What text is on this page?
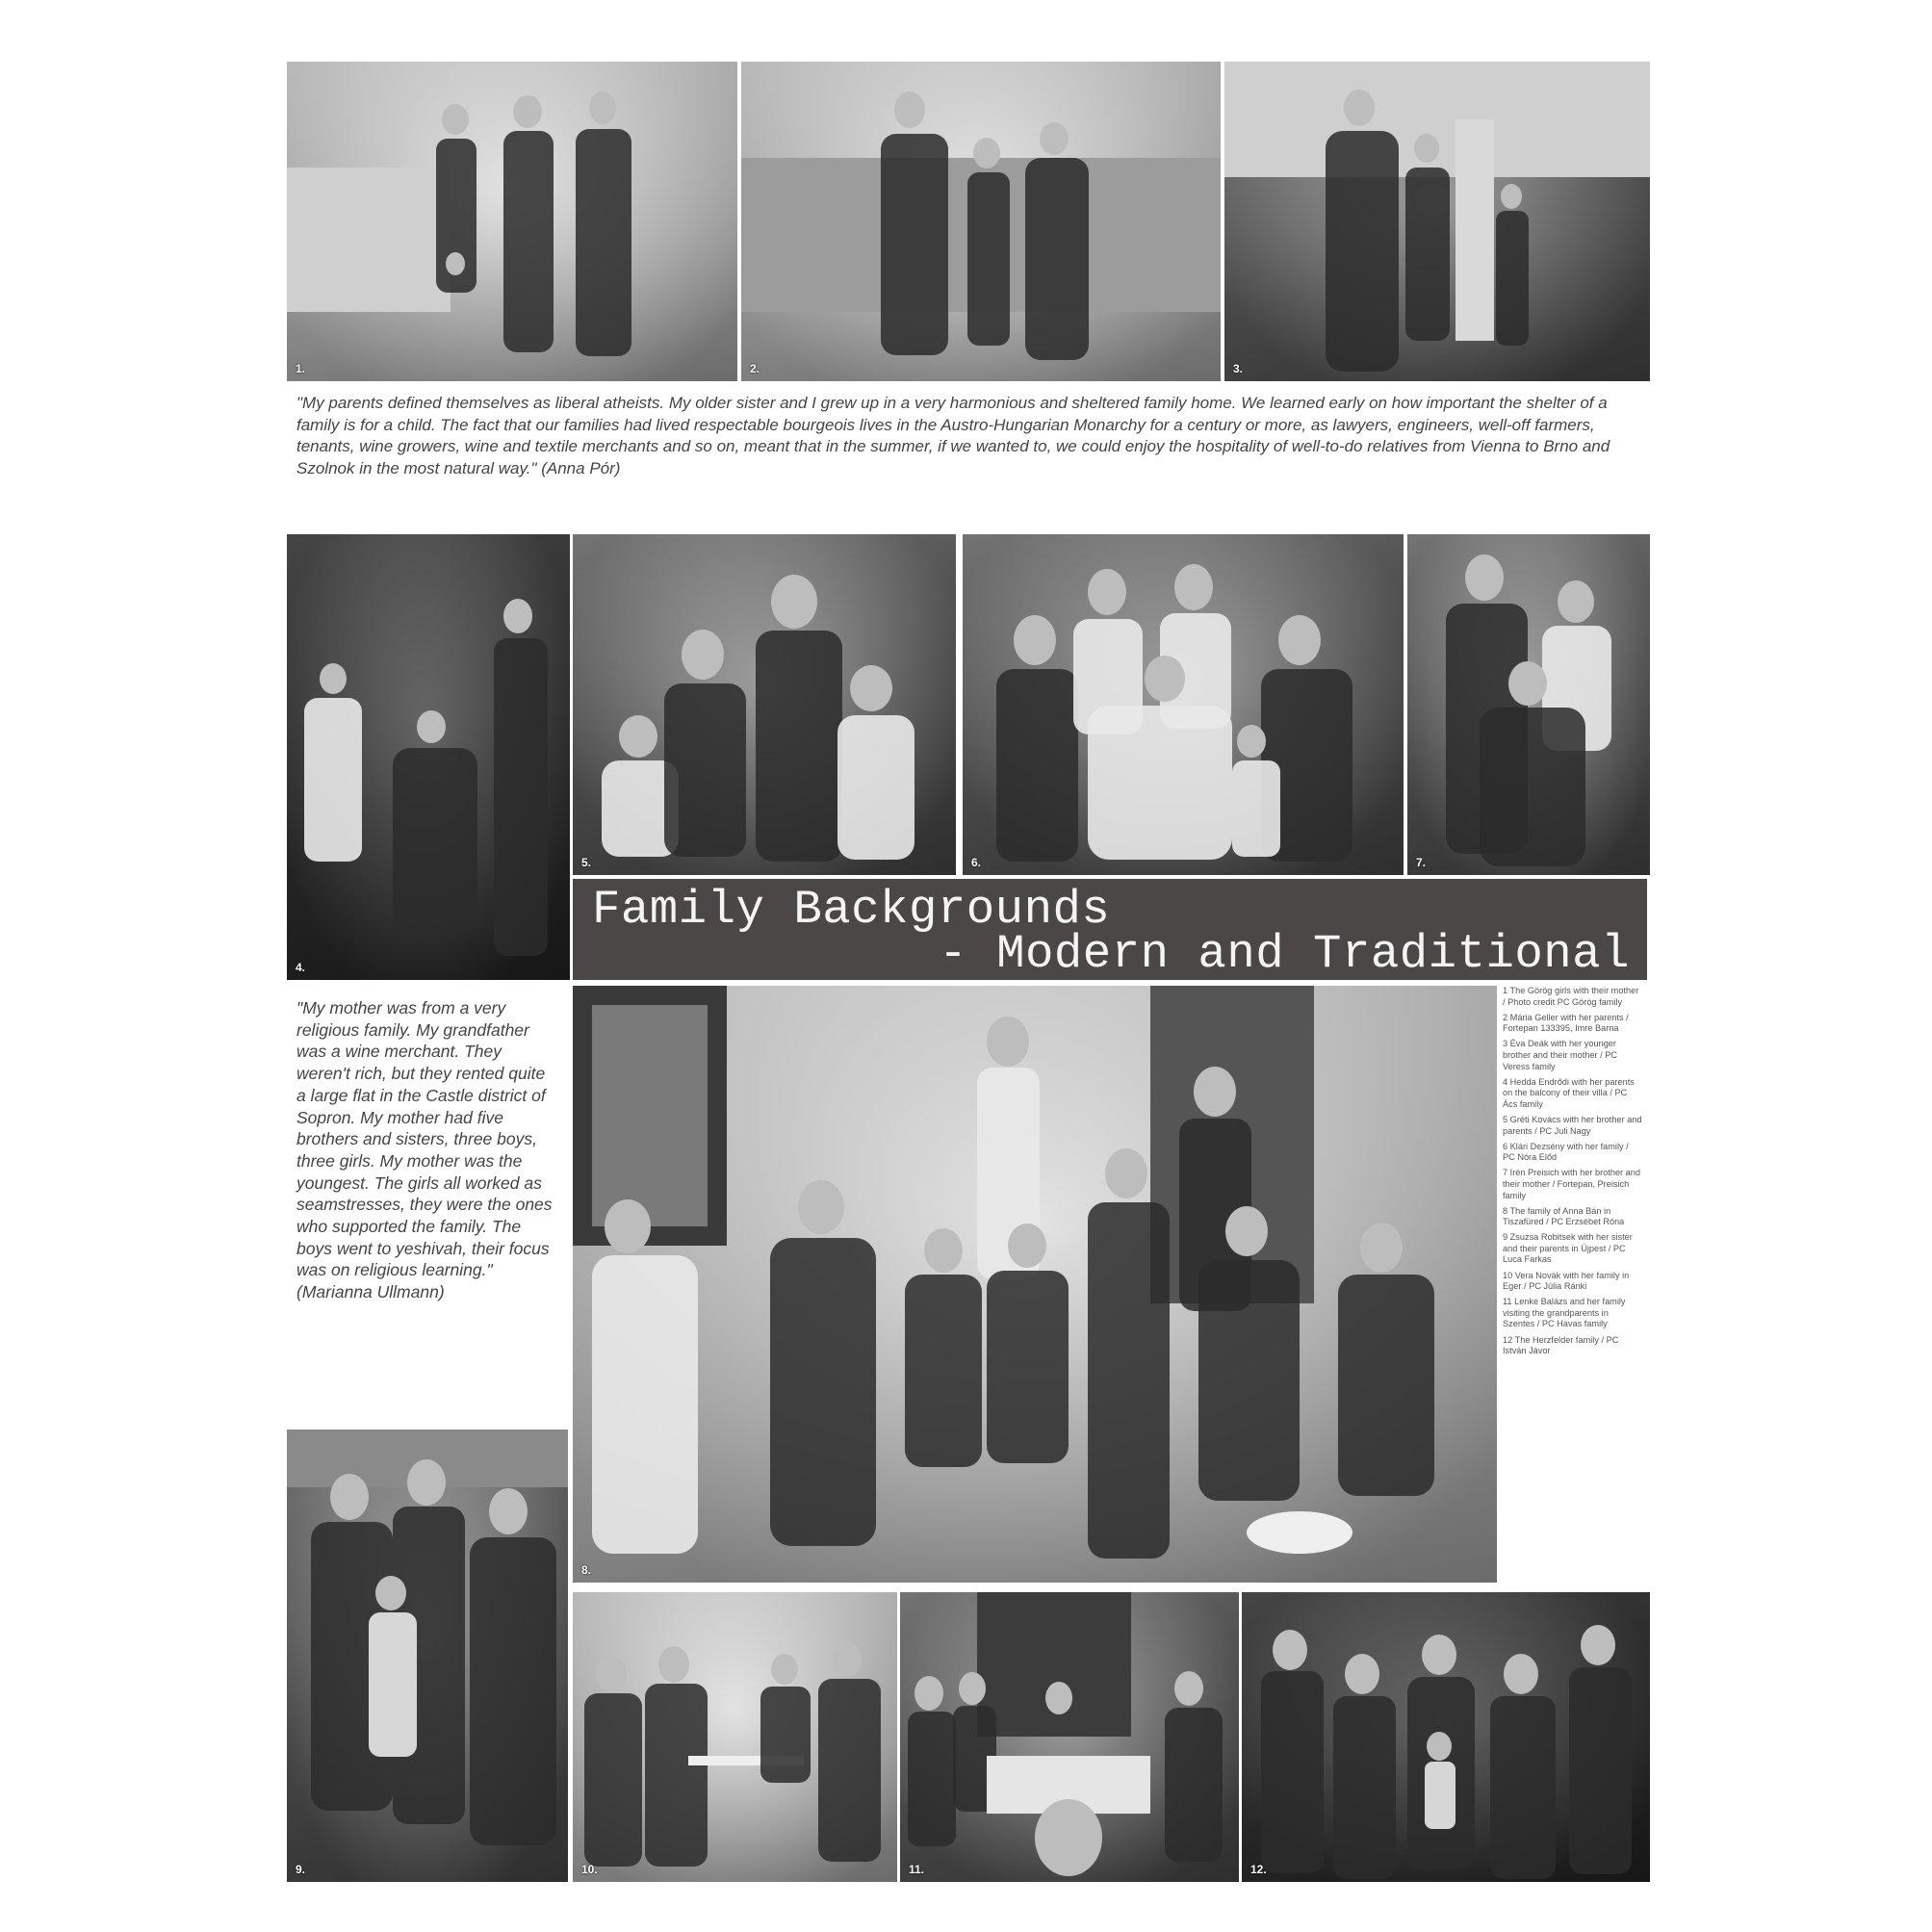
1.	2.	3.
"My parents defined themselves as liberal atheists. My older sister and I grew up in a very harmonious and sheltered family home. We learned early on how important the shelter of a family is for a child. The fact that our families had lived respectable bourgeois lives in the Austro-Hungarian Monarchy for a century or more, as lawyers, engineers, well-off farmers, tenants, wine growers, wine and textile merchants and so on, meant that in the summer, if we wanted to, we could enjoy the hospitality of well-to-do relatives from Vienna to Brno and Szolnok in the most natural way." (Anna Pór)
4.
5.	6.	7.
Family Backgrounds
- Modern and Traditional
"My mother was from a very religious family. My grandfather was a wine merchant. They weren't rich, but they rented quite a large flat in the Castle district of Sopron. My mother had five brothers and sisters, three boys, three girls. My mother was the youngest. The girls all worked as seamstresses, they were the ones who supported the family. The boys went to yeshivah, their focus was on religious learning." (Marianna Ullmann)
8.
1 The Görög girls with their mother / Photo credit PC Görög family
2 Mária Geller with her parents / Fortepan 133395, Imre Barna
3 Éva Deák with her younger brother and their mother / PC Veress family
4 Hedda Endrődi with her parents on the balcony of their villa / PC Ács family
5 Gréti Kovács with her brother and parents / PC Juli Nagy
6 Klári Dezsény with her family / PC Nóra Előd
7 Irén Preisich with her brother and their mother / Fortepan, Preisich family
8 The family of Anna Bán in Tiszafüred / PC Erzsébet Róna
9 Zsuzsa Robitsek with her sister and their parents in Újpest / PC Luca Farkas
10 Vera Novák with her family in Eger / PC Júlia Ránki
11 Lenke Balázs and her family visiting the grandparents in Szentes / PC Havas family
12 The Herzfelder family / PC István Jávor
9.	10.	11.	12.
